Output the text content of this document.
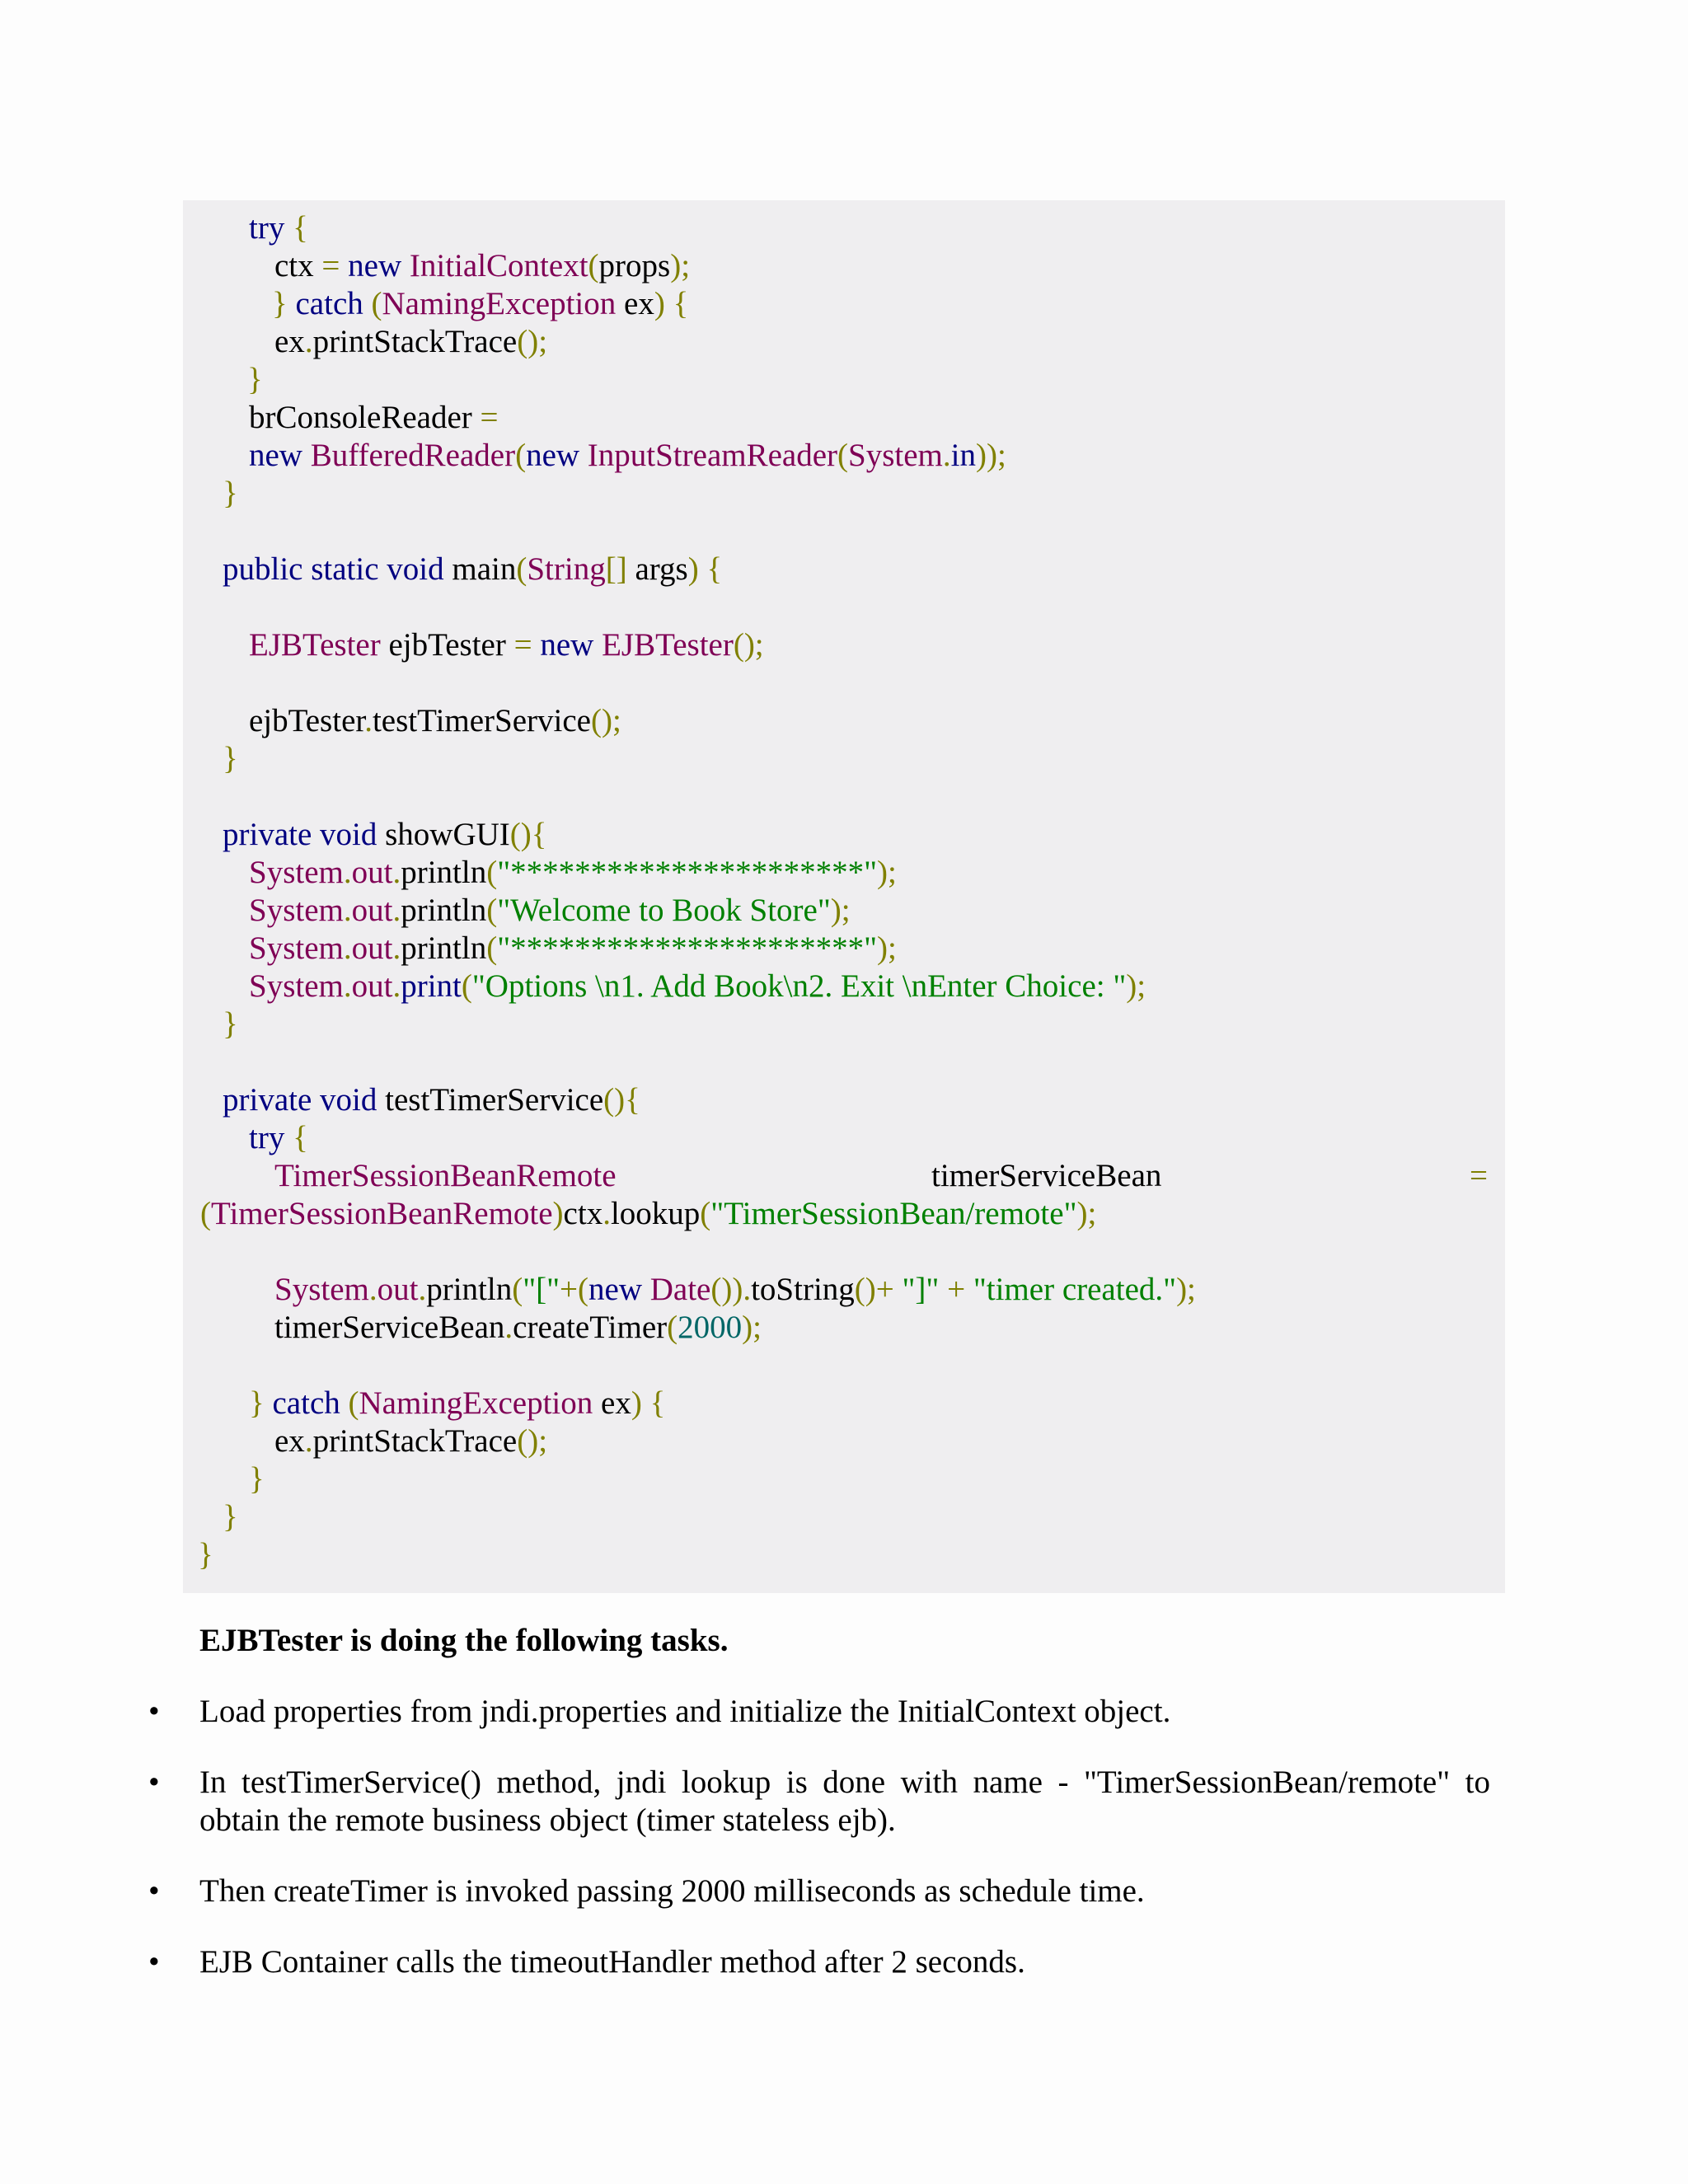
try {
ctx = new InitialContext(props);
} catch (NamingException ex) {
ex.printStackTrace();
}
brConsoleReader =
new BufferedReader(new InputStreamReader(System.in));
}
public static void main(String[] args) {
EJBTester ejbTester = new EJBTester();
ejbTester.testTimerService();
}
private void showGUI(){
System.out.println("**********************");
System.out.println("Welcome to Book Store");
System.out.println("**********************");
System.out.print("Options \n1. Add Book\n2. Exit \nEnter Choice: ");
}
private void testTimerService(){
try {
TimerSessionBeanRemote	timerServiceBean	=
(TimerSessionBeanRemote)ctx.lookup("TimerSessionBean/remote");
System.out.println("["+(new Date()).toString()+ "]" + "timer created.");
timerServiceBean.createTimer(2000);
} catch (NamingException ex) {
ex.printStackTrace();
}
}
}
EJBTester is doing the following tasks.
• Load properties from jndi.properties and initialize the InitialContext object.
• In testTimerService() method, jndi lookup is done with name - "TimerSessionBean/remote" to obtain the remote business object (timer stateless ejb).
• Then createTimer is invoked passing 2000 milliseconds as schedule time.
• EJB Container calls the timeoutHandler method after 2 seconds.
